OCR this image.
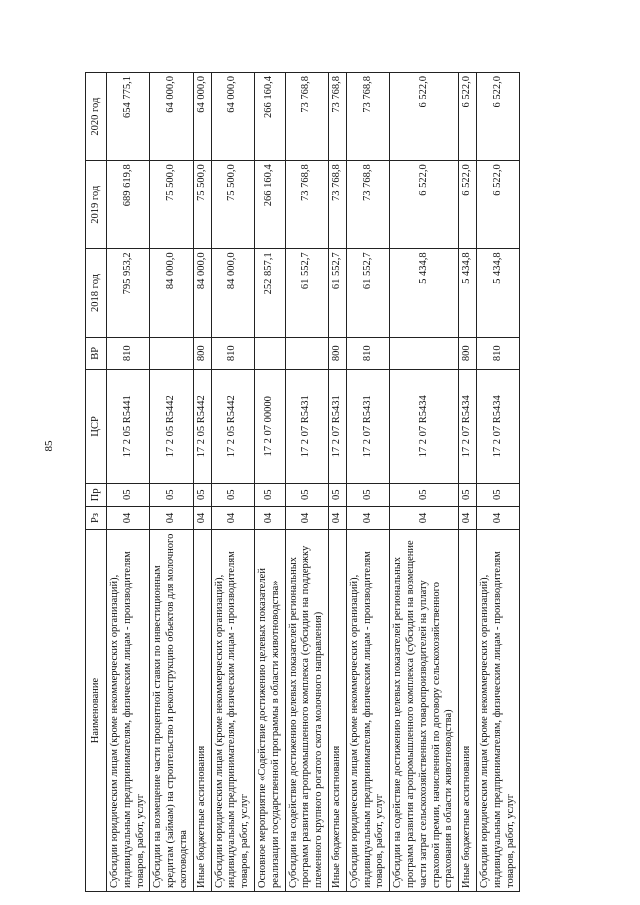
85
Наименование	Рз	Пр	ЦСР	ВР	2018 год	2019 год	2020 год
Субсидии юридическим лицам (кроме некоммерческих организаций), индивидуальным предпринимателям, физическим лицам - производителям товаров, работ, услуг	04	05	17 2 05 R5441	810	795 953,2	689 619,8	654 775,1
Субсидии на возмещение части процентной ставки по инвестиционным кредитам (займам) на строительство и реконструкцию объектов для молочного скотоводства	04	05	17 2 05 R5442		84 000,0	75 500,0	64 000,0
Иные бюджетные ассигнования	04	05	17 2 05 R5442	800	84 000,0	75 500,0	64 000,0
Субсидии юридическим лицам (кроме некоммерческих организаций), индивидуальным предпринимателям, физическим лицам - производителям товаров, работ, услуг	04	05	17 2 05 R5442	810	84 000,0	75 500,0	64 000,0
Основное мероприятие «Содействие достижению целевых показателей реализации государственной программы в области животноводства»	04	05	17 2 07 00000		252 857,1	266 160,4	266 160,4
Субсидии на содействие достижению целевых показателей региональных программ развития агропромышленного комплекса (субсидии на поддержку племенного крупного рогатого скота молочного направления)	04	05	17 2 07 R5431		61 552,7	73 768,8	73 768,8
Иные бюджетные ассигнования	04	05	17 2 07 R5431	800	61 552,7	73 768,8	73 768,8
Субсидии юридическим лицам (кроме некоммерческих организаций), индивидуальным предпринимателям, физическим лицам - производителям товаров, работ, услуг	04	05	17 2 07 R5431	810	61 552,7	73 768,8	73 768,8
Субсидии на содействие достижению целевых показателей региональных программ развития агропромышленного комплекса (субсидии на возмещение части затрат сельскохозяйственных товаропроизводителей на уплату страховой премии, начисленной по договору сельскохозяйственного страхования в области животноводства)	04	05	17 2 07 R5434		5 434,8	6 522,0	6 522,0
Иные бюджетные ассигнования	04	05	17 2 07 R5434	800	5 434,8	6 522,0	6 522,0
Субсидии юридическим лицам (кроме некоммерческих организаций), индивидуальным предпринимателям, физическим лицам - производителям товаров, работ, услуг	04	05	17 2 07 R5434	810	5 434,8	6 522,0	6 522,0
